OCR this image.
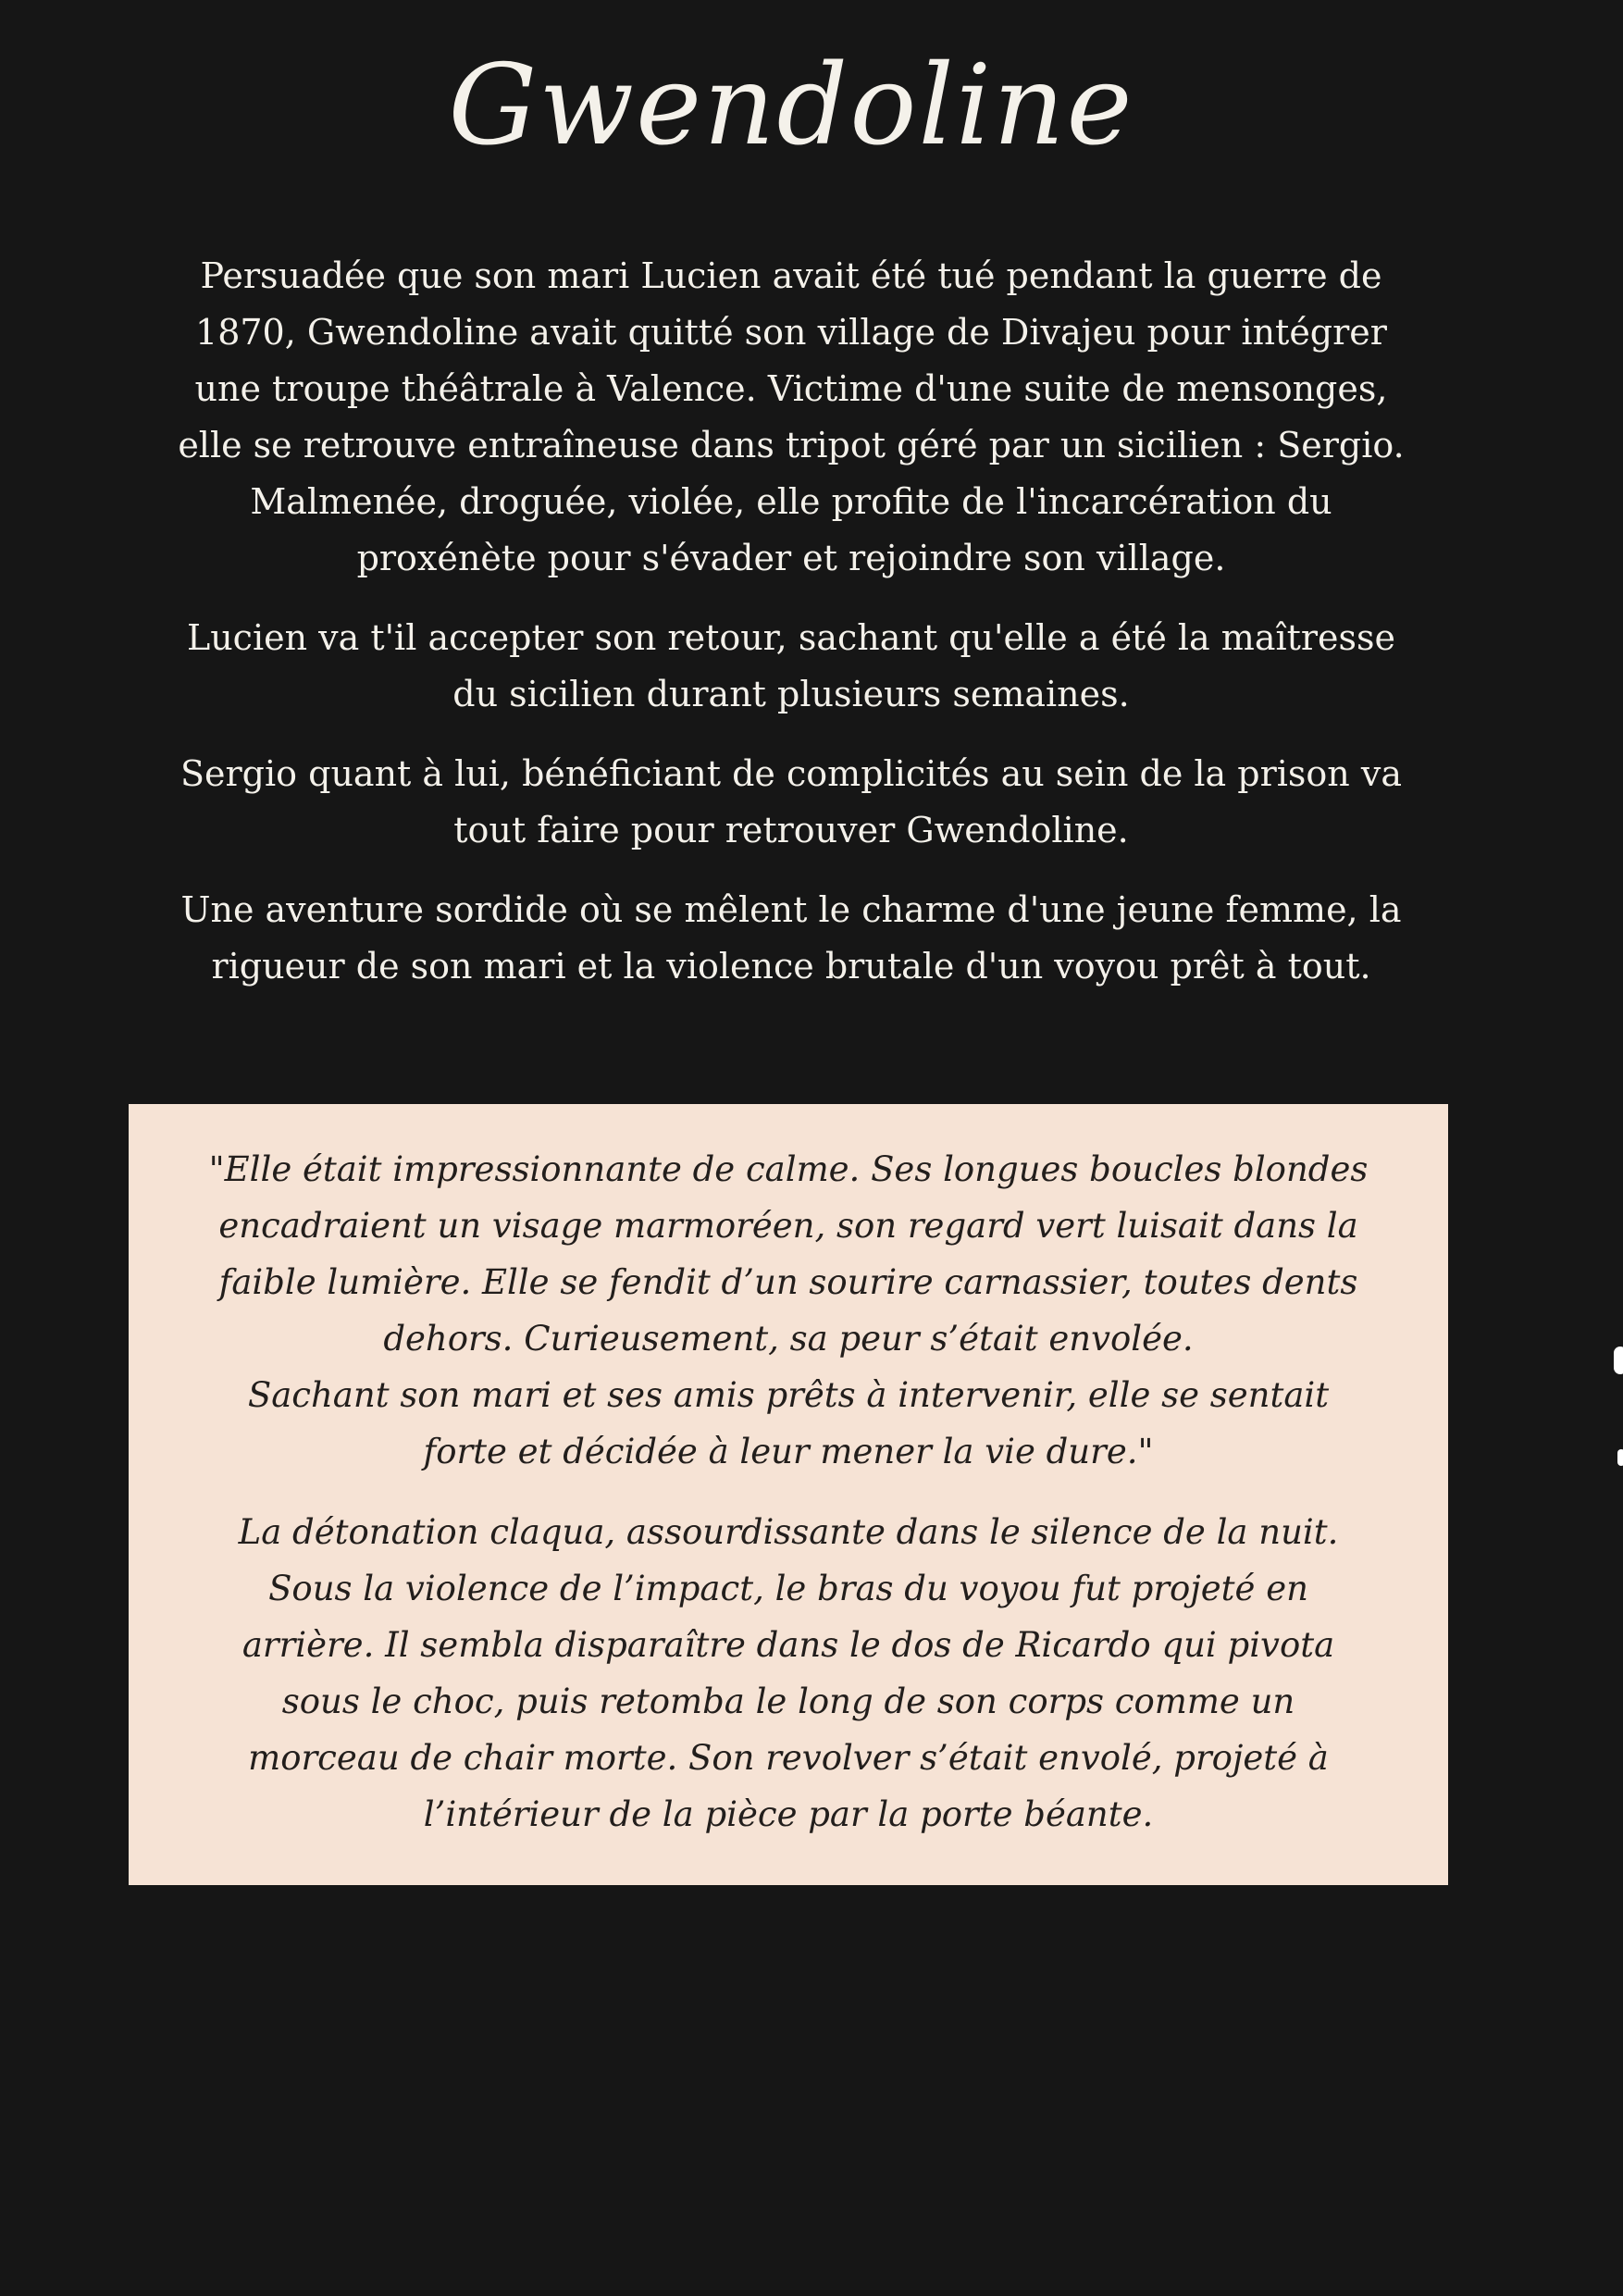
Gwendoline

Persuadée que son mari Lucien avait été tué pendant la guerre de
1870, Gwendoline avait quitté son village de Divajeu pour intégrer
une troupe théâtrale à Valence. Victime d'une suite de mensonges,
elle se retrouve entraîneuse dans tripot géré par un sicilien : Sergio.
Malmenée, droguée, violée, elle profite de l'incarcération du
proxénète pour s'évader et rejoindre son village.

Lucien va t'il accepter son retour, sachant qu'elle a été la maîtresse
du sicilien durant plusieurs semaines.

Sergio quant à lui, bénéficiant de complicités au sein de la prison va
tout faire pour retrouver Gwendoline.

Une aventure sordide où se mêlent le charme d'une jeune femme, la
rigueur de son mari et la violence brutale d'un voyou prêt à tout.

"Elle était impressionnante de calme. Ses longues boucles blondes
encadraient un visage marmoréen, son regard vert luisait dans la
faible lumière. Elle se fendit d’un sourire carnassier, toutes dents
dehors. Curieusement, sa peur s’était envolée.
Sachant son mari et ses amis prêts à intervenir, elle se sentait
forte et décidée à leur mener la vie dure."

La détonation claqua, assourdissante dans le silence de la nuit.
Sous la violence de l’impact, le bras du voyou fut projeté en
arrière. Il sembla disparaître dans le dos de Ricardo qui pivota
sous le choc, puis retomba le long de son corps comme un
morceau de chair morte. Son revolver s’était envolé, projeté à
l’intérieur de la pièce par la porte béante.
